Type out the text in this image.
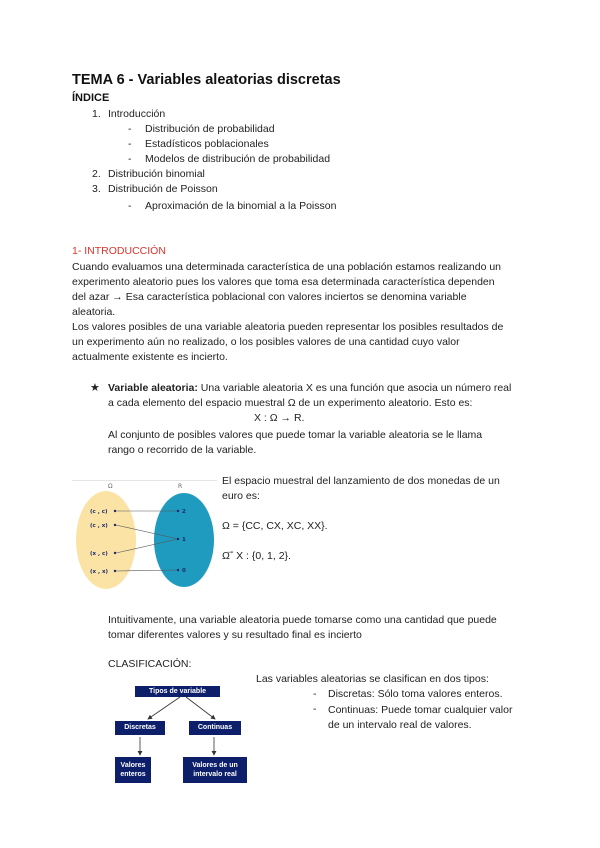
TEMA 6 - Variables aleatorias discretas
ÍNDICE
1. Introducción
- Distribución de probabilidad
- Estadísticos poblacionales
- Modelos de distribución de probabilidad
2. Distribución binomial
3. Distribución de Poisson
- Aproximación de la binomial a la Poisson
1- INTRODUCCIÓN
Cuando evaluamos una determinada característica de una población estamos realizando un
experimento aleatorio pues los valores que toma esa determinada característica dependen
del azar → Esa característica poblacional con valores inciertos se denomina variable
aleatoria.
Los valores posibles de una variable aleatoria pueden representar los posibles resultados de
un experimento aún no realizado, o los posibles valores de una cantidad cuyo valor
actualmente existente es incierto.
★ Variable aleatoria: Una variable aleatoria X es una función que asocia un número real
a cada elemento del espacio muestral Ω de un experimento aleatorio. Esto es:
X : Ω → R.
Al conjunto de posibles valores que puede tomar la variable aleatoria se le llama
rango o recorrido de la variable.
Ω	R
(c , c)
(c , x)
(x , c)
(x , x)
2
1
0
El espacio muestral del lanzamiento de dos monedas de un
euro es:
Ω = {CC, CX, XC, XX}.
Ω ⃗ X : {0, 1, 2}.
Intuitivamente, una variable aleatoria puede tomarse como una cantidad que puede
tomar diferentes valores y su resultado final es incierto
CLASIFICACIÓN:
Tipos de variable
Discretas	Continuas
Valores
enteros
Valores de un
intervalo real
Las variables aleatorias se clasifican en dos tipos:
- Discretas: Sólo toma valores enteros.
- Continuas: Puede tomar cualquier valor
de un intervalo real de valores.
